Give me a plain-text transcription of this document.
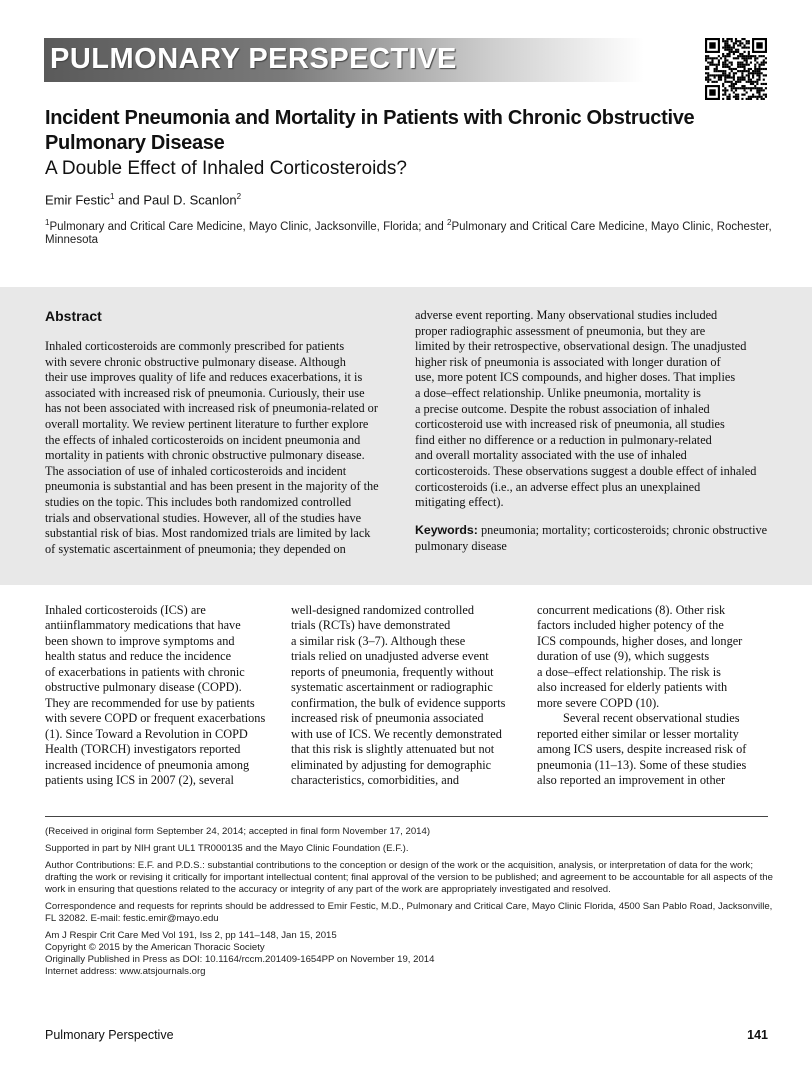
PULMONARY PERSPECTIVE
Incident Pneumonia and Mortality in Patients with Chronic Obstructive Pulmonary Disease
A Double Effect of Inhaled Corticosteroids?
Emir Festic$^1$ and Paul D. Scanlon$^2$
$^1$Pulmonary and Critical Care Medicine, Mayo Clinic, Jacksonville, Florida; and $^2$Pulmonary and Critical Care Medicine, Mayo Clinic, Rochester, Minnesota
Abstract
Inhaled corticosteroids are commonly prescribed for patients
with severe chronic obstructive pulmonary disease. Although
their use improves quality of life and reduces exacerbations, it is
associated with increased risk of pneumonia. Curiously, their use
has not been associated with increased risk of pneumonia-related or
overall mortality. We review pertinent literature to further explore
the effects of inhaled corticosteroids on incident pneumonia and
mortality in patients with chronic obstructive pulmonary disease.
The association of use of inhaled corticosteroids and incident
pneumonia is substantial and has been present in the majority of the
studies on the topic. This includes both randomized controlled
trials and observational studies. However, all of the studies have
substantial risk of bias. Most randomized trials are limited by lack
of systematic ascertainment of pneumonia; they depended on
adverse event reporting. Many observational studies included
proper radiographic assessment of pneumonia, but they are
limited by their retrospective, observational design. The unadjusted
higher risk of pneumonia is associated with longer duration of
use, more potent ICS compounds, and higher doses. That implies
a dose–effect relationship. Unlike pneumonia, mortality is
a precise outcome. Despite the robust association of inhaled
corticosteroid use with increased risk of pneumonia, all studies
find either no difference or a reduction in pulmonary-related
and overall mortality associated with the use of inhaled
corticosteroids. These observations suggest a double effect of inhaled
corticosteroids (i.e., an adverse effect plus an unexplained
mitigating effect).
Keywords: pneumonia; mortality; corticosteroids; chronic obstructive pulmonary disease
Inhaled corticosteroids (ICS) are
antiinflammatory medications that have
been shown to improve symptoms and
health status and reduce the incidence
of exacerbations in patients with chronic
obstructive pulmonary disease (COPD).
They are recommended for use by patients
with severe COPD or frequent exacerbations
(1). Since Toward a Revolution in COPD
Health (TORCH) investigators reported
increased incidence of pneumonia among
patients using ICS in 2007 (2), several
well-designed randomized controlled
trials (RCTs) have demonstrated
a similar risk (3–7). Although these
trials relied on unadjusted adverse event
reports of pneumonia, frequently without
systematic ascertainment or radiographic
confirmation, the bulk of evidence supports
increased risk of pneumonia associated
with use of ICS. We recently demonstrated
that this risk is slightly attenuated but not
eliminated by adjusting for demographic
characteristics, comorbidities, and
concurrent medications (8). Other risk
factors included higher potency of the
ICS compounds, higher doses, and longer
duration of use (9), which suggests
a dose–effect relationship. The risk is
also increased for elderly patients with
more severe COPD (10).
Several recent observational studies
reported either similar or lesser mortality
among ICS users, despite increased risk of
pneumonia (11–13). Some of these studies
also reported an improvement in other

(Received in original form September 24, 2014; accepted in final form November 17, 2014)

Supported in part by NIH grant UL1 TR000135 and the Mayo Clinic Foundation (E.F.).

Author Contributions: E.F. and P.D.S.: substantial contributions to the conception or design of the work or the acquisition, analysis, or interpretation of data for the work; drafting the work or revising it critically for important intellectual content; final approval of the version to be published; and agreement to be accountable for all aspects of the work in ensuring that questions related to the accuracy or integrity of any part of the work are appropriately investigated and resolved.

Correspondence and requests for reprints should be addressed to Emir Festic, M.D., Pulmonary and Critical Care, Mayo Clinic Florida, 4500 San Pablo Road, Jacksonville, FL 32082. E-mail: festic.emir@mayo.edu

Am J Respir Crit Care Med Vol 191, Iss 2, pp 141–148, Jan 15, 2015

Copyright © 2015 by the American Thoracic Society

Originally Published in Press as DOI: 10.1164/rccm.201409-1654PP on November 19, 2014

Internet address: www.atsjournals.org

Pulmonary Perspective	141
